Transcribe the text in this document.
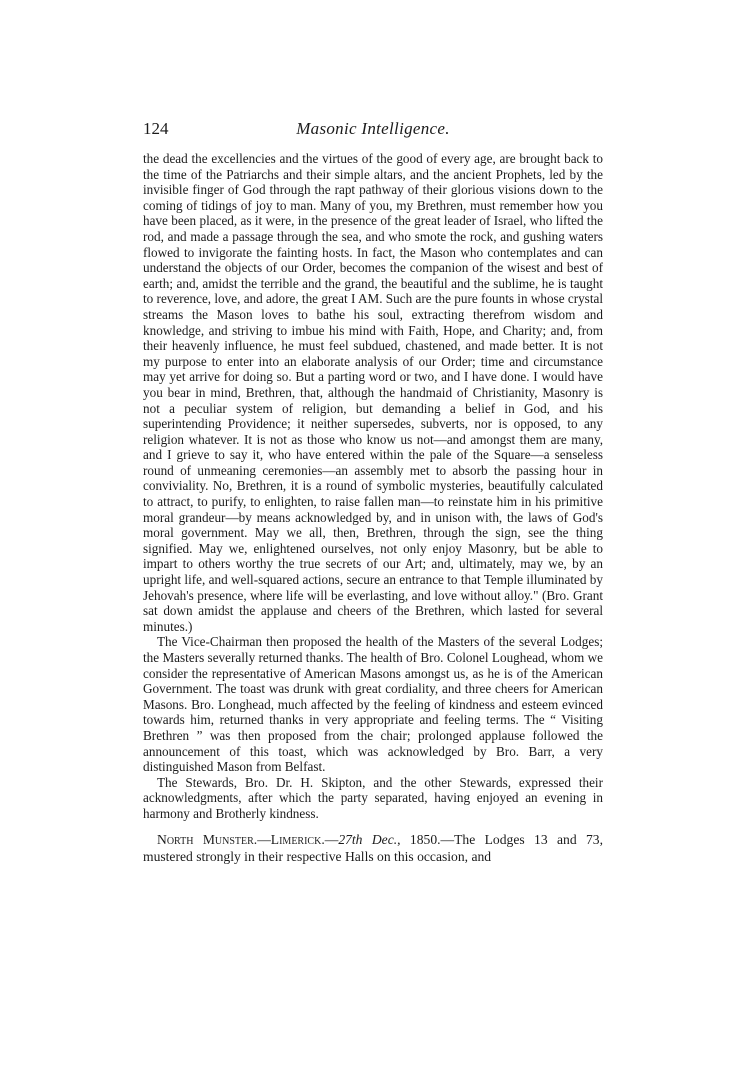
124	Masonic Intelligence.

the dead the excellencies and the virtues of the good of every age, are brought back to the time of the Patriarchs and their simple altars, and the ancient Prophets, led by the invisible finger of God through the rapt pathway of their glorious visions down to the coming of tidings of joy to man. Many of you, my Brethren, must remember how you have been placed, as it were, in the presence of the great leader of Israel, who lifted the rod, and made a passage through the sea, and who smote the rock, and gushing waters flowed to invigorate the fainting hosts. In fact, the Mason who contemplates and can understand the objects of our Order, becomes the companion of the wisest and best of earth; and, amidst the terrible and the grand, the beautiful and the sublime, he is taught to reverence, love, and adore, the great I AM. Such are the pure founts in whose crystal streams the Mason loves to bathe his soul, extracting therefrom wisdom and knowledge, and striving to imbue his mind with Faith, Hope, and Charity; and, from their heavenly influence, he must feel subdued, chastened, and made better. It is not my purpose to enter into an elaborate analysis of our Order; time and circumstance may yet arrive for doing so. But a parting word or two, and I have done. I would have you bear in mind, Brethren, that, although the handmaid of Christianity, Masonry is not a peculiar system of religion, but demanding a belief in God, and his superintending Providence; it neither supersedes, subverts, nor is opposed, to any religion whatever. It is not as those who know us not—and amongst them are many, and I grieve to say it, who have entered within the pale of the Square—a senseless round of unmeaning ceremonies—an assembly met to absorb the passing hour in conviviality. No, Brethren, it is a round of symbolic mysteries, beautifully calculated to attract, to purify, to enlighten, to raise fallen man—to reinstate him in his primitive moral grandeur—by means acknowledged by, and in unison with, the laws of God's moral government. May we all, then, Brethren, through the sign, see the thing signified. May we, enlightened ourselves, not only enjoy Masonry, but be able to impart to others worthy the true secrets of our Art; and, ultimately, may we, by an upright life, and well-squared actions, secure an entrance to that Temple illuminated by Jehovah's presence, where life will be everlasting, and love without alloy." (Bro. Grant sat down amidst the applause and cheers of the Brethren, which lasted for several minutes.)

The Vice-Chairman then proposed the health of the Masters of the several Lodges; the Masters severally returned thanks. The health of Bro. Colonel Loughead, whom we consider the representative of American Masons amongst us, as he is of the American Government. The toast was drunk with great cordiality, and three cheers for American Masons. Bro. Longhead, much affected by the feeling of kindness and esteem evinced towards him, returned thanks in very appropriate and feeling terms. The “ Visiting Brethren ” was then proposed from the chair; prolonged applause followed the announcement of this toast, which was acknowledged by Bro. Barr, a very distinguished Mason from Belfast.

The Stewards, Bro. Dr. H. Skipton, and the other Stewards, expressed their acknowledgments, after which the party separated, having enjoyed an evening in harmony and Brotherly kindness.

North Munster.—Limerick.—27th Dec., 1850.—The Lodges 13 and 73, mustered strongly in their respective Halls on this occasion, and
